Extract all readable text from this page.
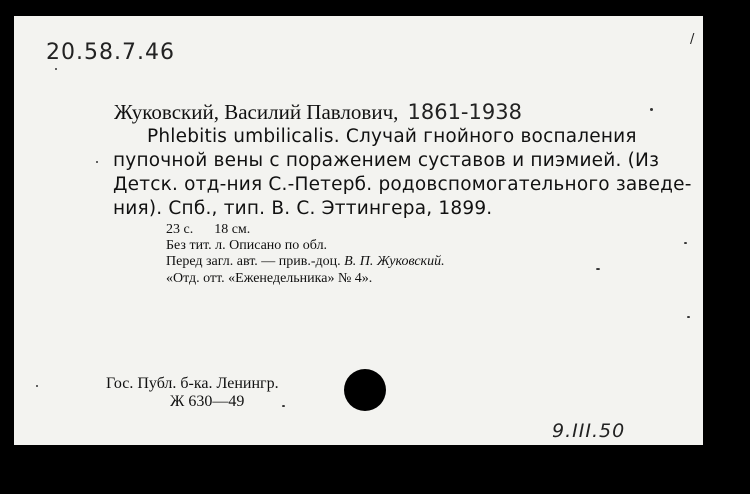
20.58.7.46
/
Жуковский, Василий Павлович, 1861-1938
Phlebitis umbilicalis. Случай гнойного воспаления
пупочной вены с поражением суставов и пиэмией. (Из
Детск. отд-ния С.-Петерб. родовспомогательного заведе-
ния). Спб., тип. В. С. Эттингера, 1899.
23 с.      18 см.
Без тит. л. Описано по обл.
Перед загл. авт. — прив.-доц. В. П. Жуковский.
«Отд. отт. «Еженедельника» № 4».
Гос. Публ. б-ка. Ленингр.
Ж 630—49
9.III.50
